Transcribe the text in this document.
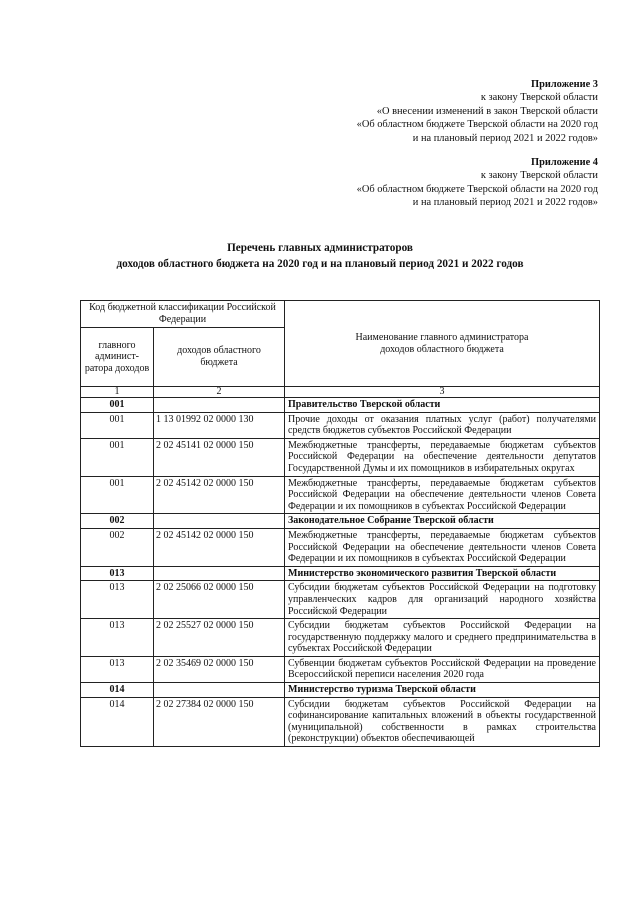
Приложение 3
к закону Тверской области
«О внесении изменений в закон Тверской области
«Об областном бюджете Тверской области на 2020 год
и на плановый период 2021 и 2022 годов»
Приложение 4
к закону Тверской области
«Об областном бюджете Тверской области на 2020 год
и на плановый период 2021 и 2022 годов»
Перечень главных администраторов
доходов областного бюджета на 2020 год и на плановый период 2021 и 2022 годов
Код бюджетной классификации Российской Федерации		Наименование главного администратора доходов областного бюджета
главного админист-ратора доходов	доходов областного бюджета	
1	2	3
001		Правительство Тверской области
001	1 13 01992 02 0000 130	Прочие доходы от оказания платных услуг (работ) получателями средств бюджетов субъектов Российской Федерации
001	2 02 45141 02 0000 150	Межбюджетные трансферты, передаваемые бюджетам субъектов Российской Федерации на обеспечение деятельности депутатов Государственной Думы и их помощников в избирательных округах
001	2 02 45142 02 0000 150	Межбюджетные трансферты, передаваемые бюджетам субъектов Российской Федерации на обеспечение деятельности членов Совета Федерации и их помощников в субъектах Российской Федерации
002		Законодательное Собрание Тверской области
002	2 02 45142 02 0000 150	Межбюджетные трансферты, передаваемые бюджетам субъектов Российской Федерации на обеспечение деятельности членов Совета Федерации и их помощников в субъектах Российской Федерации
013		Министерство экономического развития Тверской области
013	2 02 25066 02 0000 150	Субсидии бюджетам субъектов Российской Федерации на подготовку управленческих кадров для организаций народного хозяйства Российской Федерации
013	2 02 25527 02 0000 150	Субсидии бюджетам субъектов Российской Федерации на государственную поддержку малого и среднего предпринимательства в субъектах Российской Федерации
013	2 02 35469 02 0000 150	Субвенции бюджетам субъектов Российской Федерации на проведение Всероссийской переписи населения 2020 года
014		Министерство туризма Тверской области
014	2 02 27384 02 0000 150	Субсидии бюджетам субъектов Российской Федерации на софинансирование капитальных вложений в объекты государственной (муниципальной) собственности в рамках строительства (реконструкции) объектов обеспечивающей
